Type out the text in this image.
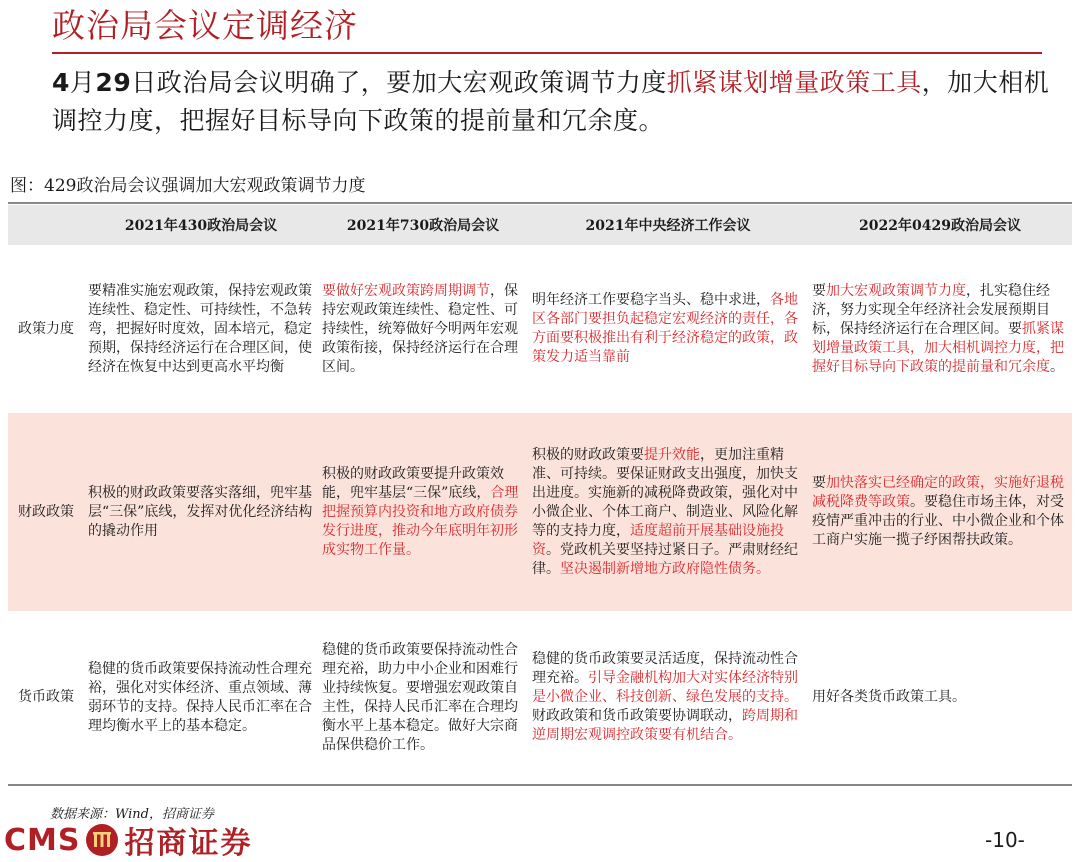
政治局会议定调经济
4月29日政治局会议明确了，要加大宏观政策调节力度抓紧谋划增量政策工具，加大相机调控力度，把握好目标导向下政策的提前量和冗余度。
图：429政治局会议强调加大宏观政策调节力度
	2021年430政治局会议	2021年730政治局会议	2021年中央经济工作会议	2022年0429政治局会议
政策力度	要精准实施宏观政策，保持宏观政策连续性、稳定性、可持续性，不急转弯，把握好时度效，固本培元，稳定预期，保持经济运行在合理区间，使经济在恢复中达到更高水平均衡	要做好宏观政策跨周期调节，保持宏观政策连续性、稳定性、可持续性，统筹做好今明两年宏观政策衔接，保持经济运行在合理区间。	明年经济工作要稳字当头、稳中求进，各地区各部门要担负起稳定宏观经济的责任，各方面要积极推出有利于经济稳定的政策，政策发力适当靠前	要加大宏观政策调节力度，扎实稳住经济，努力实现全年经济社会发展预期目标，保持经济运行在合理区间。要抓紧谋划增量政策工具，加大相机调控力度，把握好目标导向下政策的提前量和冗余度。
财政政策	积极的财政政策要落实落细，兜牢基层“三保”底线，发挥对优化经济结构的撬动作用	积极的财政政策要提升政策效能，兜牢基层“三保”底线，合理把握预算内投资和地方政府债券发行进度，推动今年底明年初形成实物工作量。	积极的财政政策要提升效能，更加注重精准、可持续。要保证财政支出强度，加快支出进度。实施新的减税降费政策，强化对中小微企业、个体工商户、制造业、风险化解等的支持力度，适度超前开展基础设施投资。党政机关要坚持过紧日子。严肃财经纪律。坚决遏制新增地方政府隐性债务。	要加快落实已经确定的政策，实施好退税减税降费等政策。要稳住市场主体，对受疫情严重冲击的行业、中小微企业和个体工商户实施一揽子纾困帮扶政策。
货币政策	稳健的货币政策要保持流动性合理充裕，强化对实体经济、重点领域、薄弱环节的支持。保持人民币汇率在合理均衡水平上的基本稳定。	稳健的货币政策要保持流动性合理充裕，助力中小企业和困难行业持续恢复。要增强宏观政策自主性，保持人民币汇率在合理均衡水平上基本稳定。做好大宗商品保供稳价工作。	稳健的货币政策要灵活适度，保持流动性合理充裕。引导金融机构加大对实体经济特别是小微企业、科技创新、绿色发展的支持。财政政策和货币政策要协调联动，跨周期和逆周期宏观调控政策要有机结合。	用好各类货币政策工具。
数据来源：Wind，招商证券
CMS 招商证券	-10-
